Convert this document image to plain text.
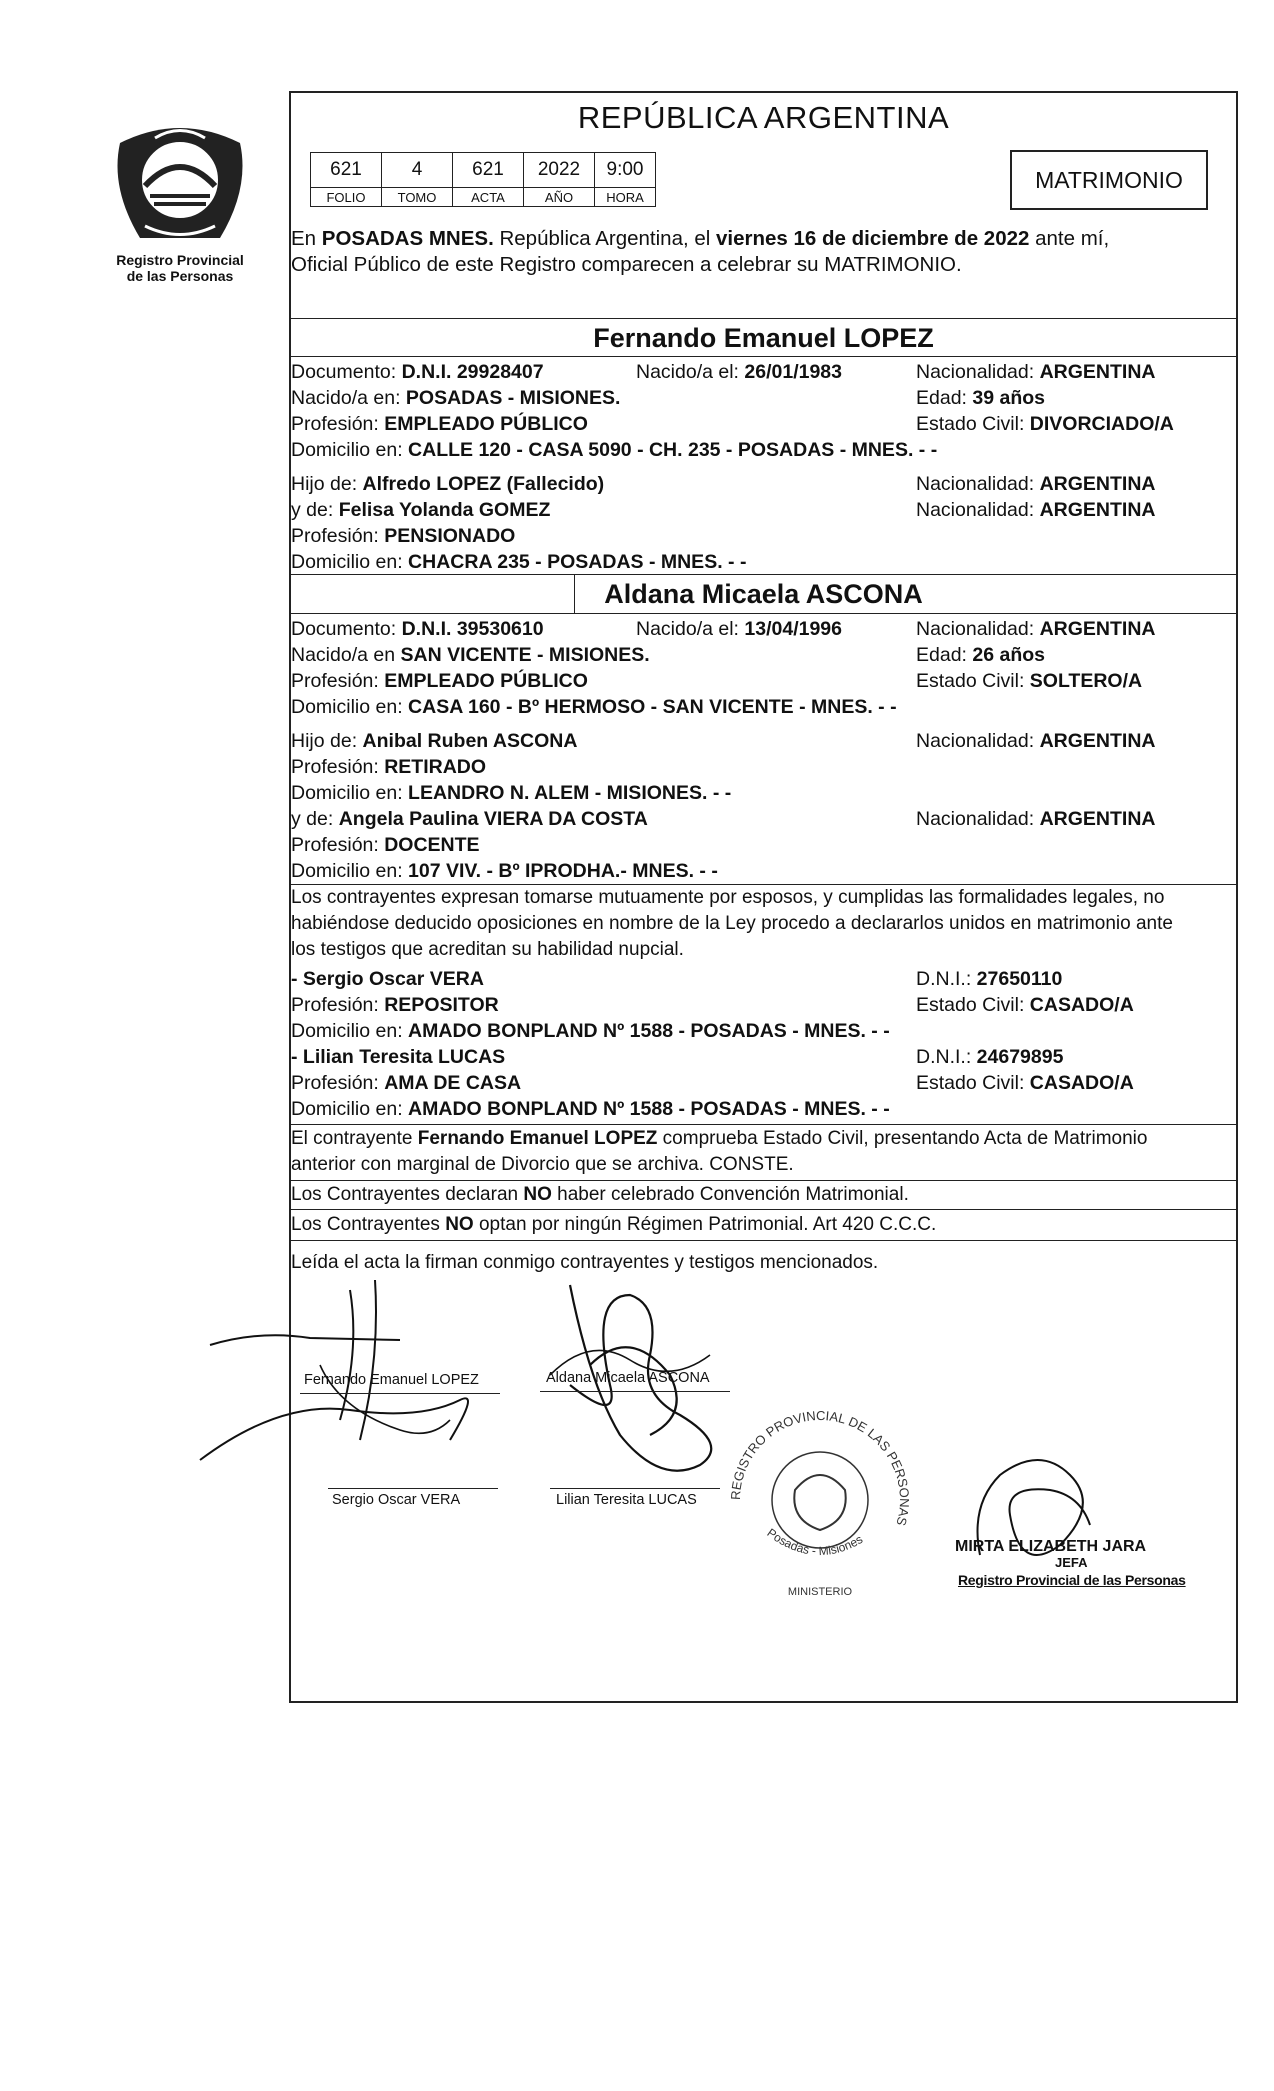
Registro Provincial
de las Personas
REPÚBLICA ARGENTINA
621	4	621	2022	9:00
FOLIO	TOMO	ACTA	AÑO	HORA
MATRIMONIO
En POSADAS MNES. República Argentina, el viernes 16 de diciembre de 2022 ante mí,
Oficial Público de este Registro comparecen a celebrar su MATRIMONIO.
Fernando Emanuel LOPEZ
Documento: D.N.I. 29928407	Nacido/a el: 26/01/1983	Nacionalidad: ARGENTINA
Nacido/a en: POSADAS - MISIONES.	Edad: 39 años
Profesión: EMPLEADO PÚBLICO	Estado Civil: DIVORCIADO/A
Domicilio en: CALLE 120 - CASA 5090 - CH. 235 - POSADAS - MNES. - -
Hijo de: Alfredo LOPEZ (Fallecido)	Nacionalidad: ARGENTINA
y de: Felisa Yolanda GOMEZ	Nacionalidad: ARGENTINA
Profesión: PENSIONADO
Domicilio en: CHACRA 235 - POSADAS - MNES. - -
Aldana Micaela ASCONA
Documento: D.N.I. 39530610	Nacido/a el: 13/04/1996	Nacionalidad: ARGENTINA
Nacido/a en SAN VICENTE - MISIONES.	Edad: 26 años
Profesión: EMPLEADO PÚBLICO	Estado Civil: SOLTERO/A
Domicilio en: CASA 160 - Bº HERMOSO - SAN VICENTE - MNES. - -
Hijo de: Anibal Ruben ASCONA	Nacionalidad: ARGENTINA
Profesión: RETIRADO
Domicilio en: LEANDRO N. ALEM - MISIONES. - -
y de: Angela Paulina VIERA DA COSTA	Nacionalidad: ARGENTINA
Profesión: DOCENTE
Domicilio en: 107 VIV. - Bº IPRODHA.- MNES. - -
Los contrayentes expresan tomarse mutuamente por esposos, y cumplidas las formalidades legales, no
habiéndose deducido oposiciones en nombre de la Ley procedo a declararlos unidos en matrimonio ante
los testigos que acreditan su habilidad nupcial.
- Sergio Oscar VERA	D.N.I.: 27650110
Profesión: REPOSITOR	Estado Civil: CASADO/A
Domicilio en: AMADO BONPLAND Nº 1588 - POSADAS - MNES. - -
- Lilian Teresita LUCAS	D.N.I.: 24679895
Profesión: AMA DE CASA	Estado Civil: CASADO/A
Domicilio en: AMADO BONPLAND Nº 1588 - POSADAS - MNES. - -
El contrayente Fernando Emanuel LOPEZ comprueba Estado Civil, presentando Acta de Matrimonio
anterior con marginal de Divorcio que se archiva. CONSTE.
Los Contrayentes declaran NO haber celebrado Convención Matrimonial.
Los Contrayentes NO optan por ningún Régimen Patrimonial. Art 420 C.C.C.
Leída el acta la firman conmigo contrayentes y testigos mencionados.
Fernando Emanuel LOPEZ	Aldana Micaela ASCONA
Sergio Oscar VERA	Lilian Teresita LUCAS REGISTRO PROVINCIAL DE LAS PERSONAS
Posadas - Misiones
MINISTERIO
MIRTA ELIZABETH JARA
JEFA
Registro Provincial de las Personas
